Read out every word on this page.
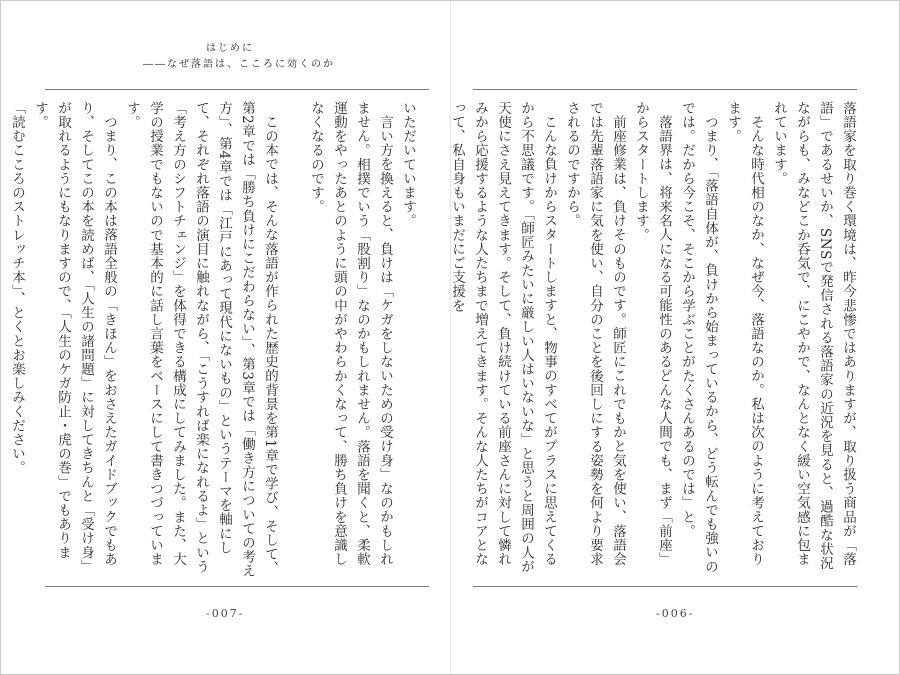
はじめに
――なぜ落語は、こころに効くのか

落語家を取り巻く環境は、昨今悲惨ではありますが、取り扱う商品が「落語」であるせいか、SNSで発信される落語家の近況を見ると、過酷な状況ながらも、みなどこか呑気で、にこやかで、なんとなく緩い空気感に包まれています。

そんな時代相のなか、なぜ今、落語なのか。私は次のように考えております。

つまり、「落語自体が、負けから始まっているから、どう転んでも強いのでは。だから今こそ、そこから学ぶことがたくさんあるのでは」と。

落語界は、将来名人になる可能性のあるどんな人間でも、まず「前座」からスタートします。

前座修業は、負けそのものです。師匠にこれでもかと気を使い、落語会では先輩落語家に気を使い、自分のことを後回しにする姿勢を何より要求されるのですから。

こんな負けからスタートしますと、物事のすべてがプラスに思えてくるから不思議です。「師匠みたいに厳しい人はいないな」と思うと周囲の人が天使にさえ見えてきます。そして、負け続けている前座さんに対して憐れみから応援するような人たちまで増えてきます。そんな人たちがコアとなって、私自身もいまだにご支援を

いただいています。

言い方を換えると、負けは「ケガをしないための受け身」なのかもしれません。相撲でいう「股割り」なのかもしれません。落語を聞くと、柔軟運動をやったあとのように頭の中がやわらかくなって、勝ち負けを意識しなくなるのです。

この本では、そんな落語が作られた歴史的背景を第1章で学び、そして、第2章では「勝ち負けにこだわらない」、第3章では「働き方についての考え方」、第4章では「江戸にあって現代にないもの」というテーマを軸にして、それぞれ落語の演目に触れながら、「こうすれば楽になれるよ」という「考え方のシフトチェンジ」を体得できる構成にしてみました。また、大学の授業でもないので基本的に話し言葉をベースにして書きつづっています。

つまり、この本は落語全般の「きほん」をおさえたガイドブックでもあり、そしてこの本を読めば、「人生の諸問題」に対してきちんと「受け身」が取れるようにもなりますので、「人生のケガ防止・虎の巻」でもあります。

「読むこころのストレッチ本」、とくとお楽しみください。

-007-	-006-
